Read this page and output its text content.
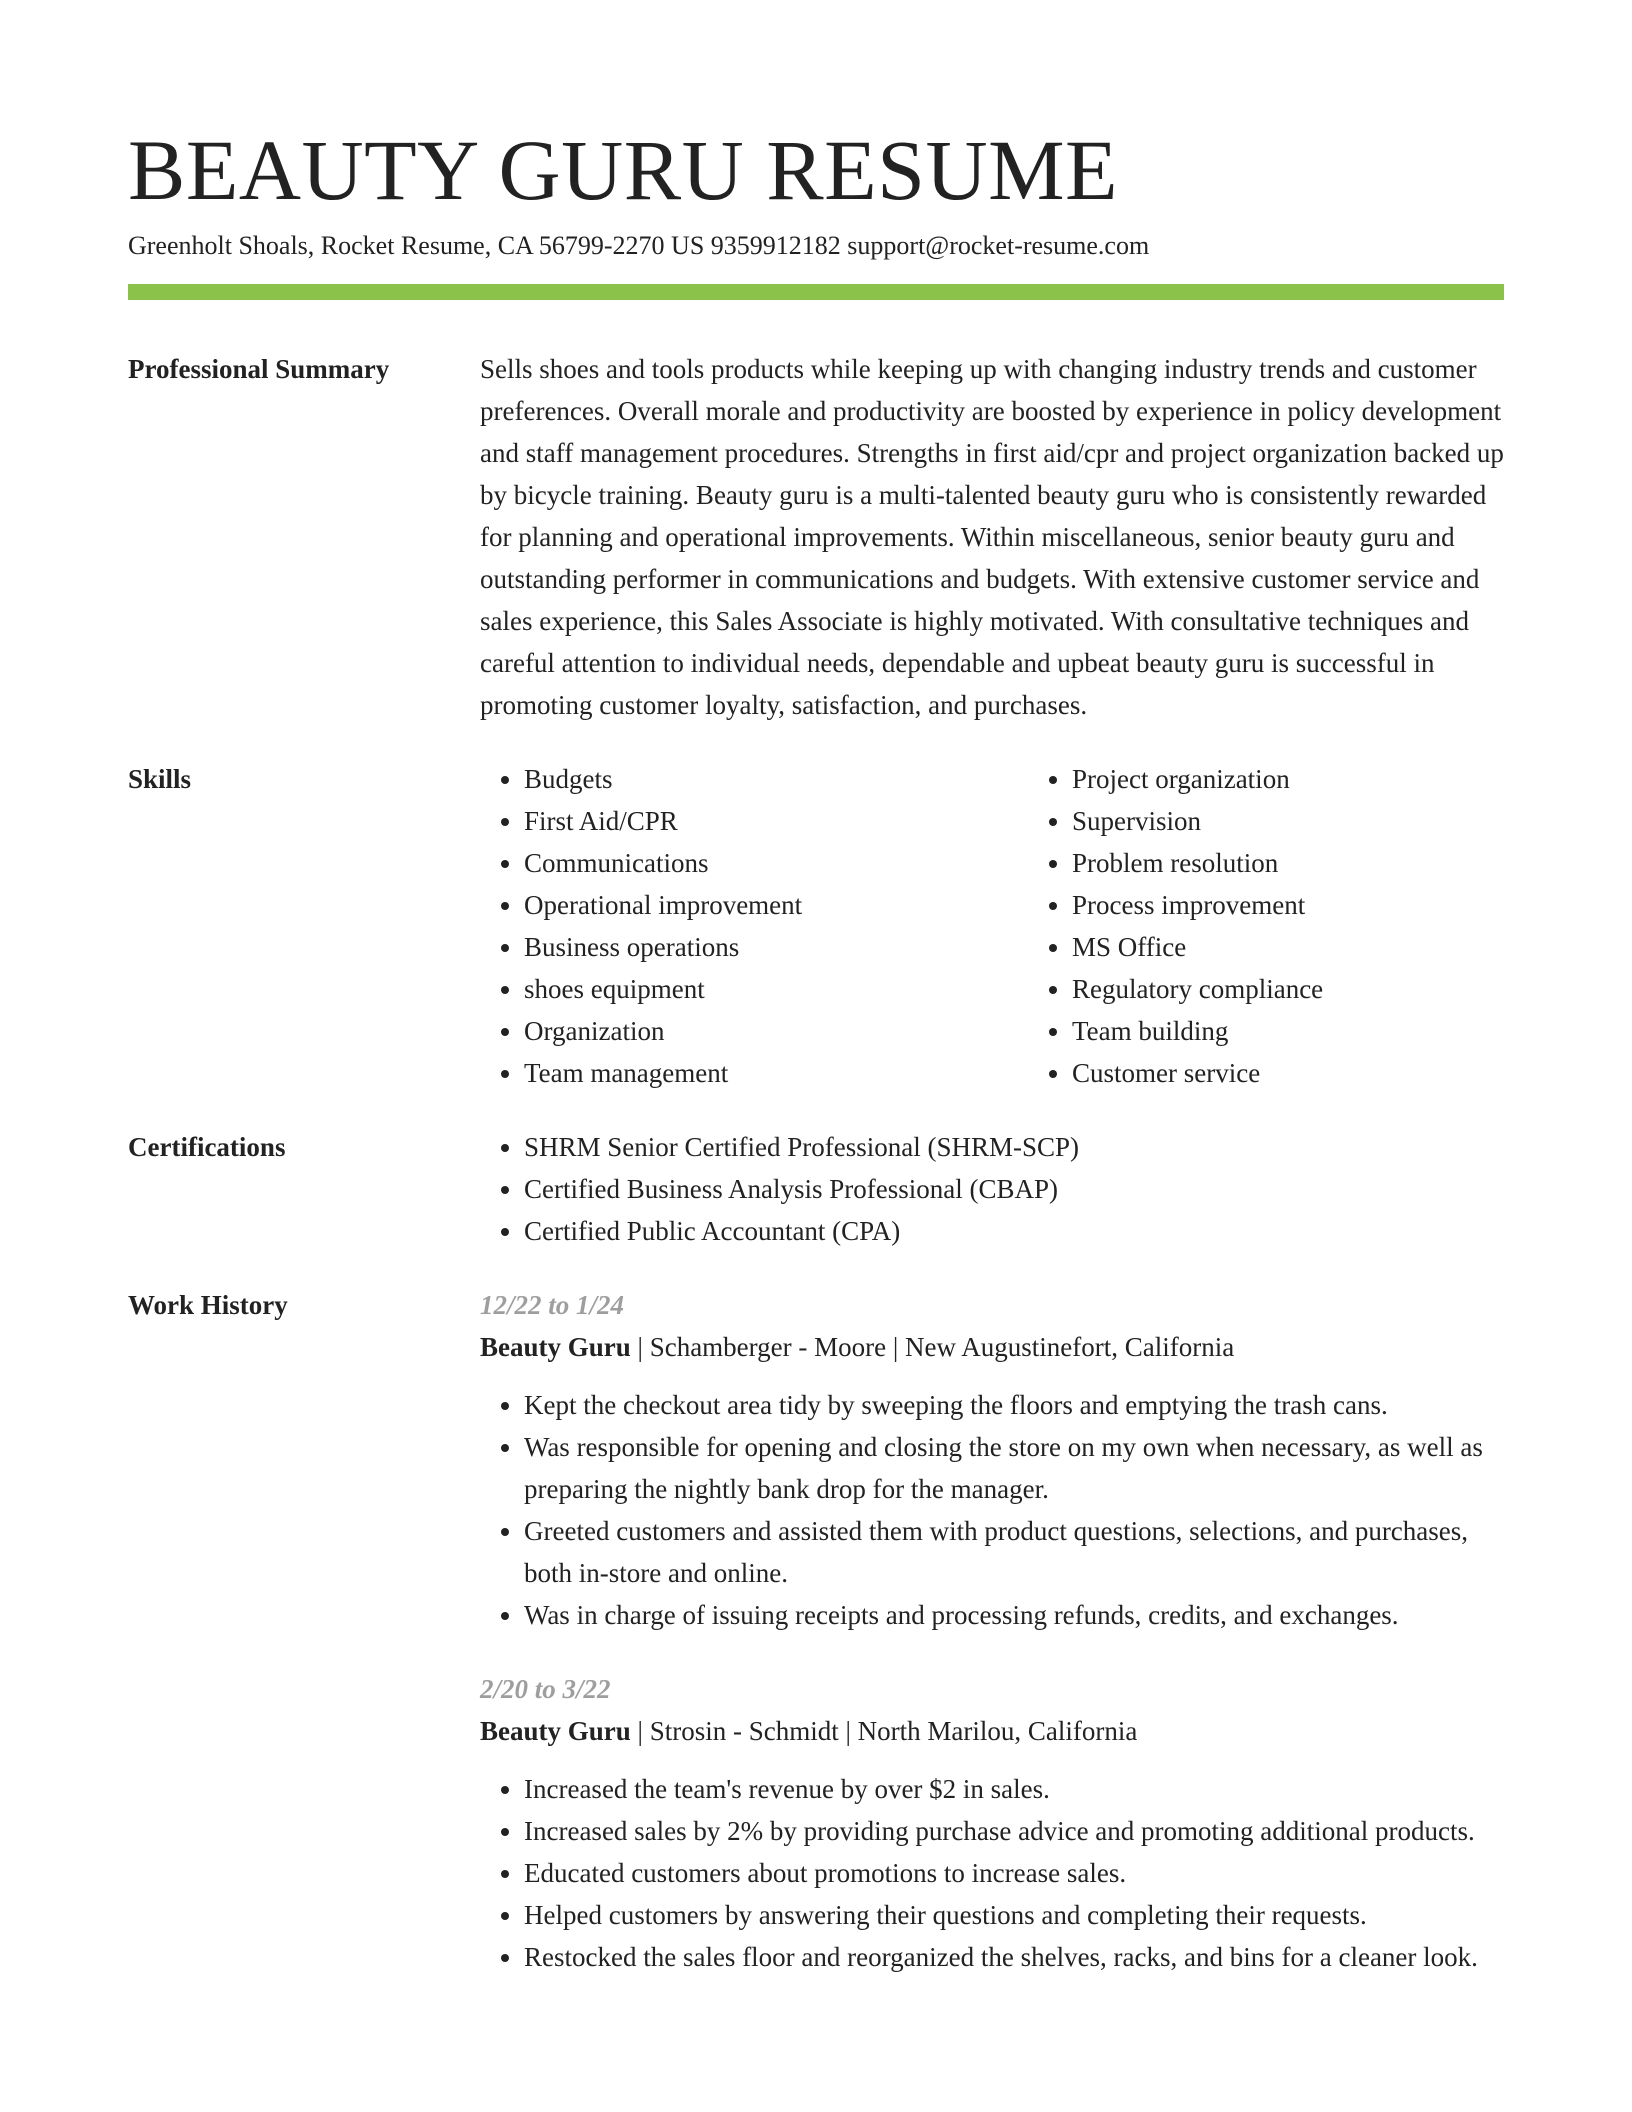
BEAUTY GURU RESUME
Greenholt Shoals, Rocket Resume, CA 56799-2270 US 9359912182 support@rocket-resume.com
Professional Summary	Sells shoes and tools products while keeping up with changing industry trends and customer preferences. Overall morale and productivity are boosted by experience in policy development and staff management procedures. Strengths in first aid/cpr and project organization backed up by bicycle training. Beauty guru is a multi-talented beauty guru who is consistently rewarded for planning and operational improvements. Within miscellaneous, senior beauty guru and outstanding performer in communications and budgets. With extensive customer service and sales experience, this Sales Associate is highly motivated. With consultative techniques and careful attention to individual needs, dependable and upbeat beauty guru is successful in promoting customer loyalty, satisfaction, and purchases.

Skills	• Budgets
• First Aid/CPR
• Communications
• Operational improvement
• Business operations
• shoes equipment
• Organization
• Team management
• Project organization
• Supervision
• Problem resolution
• Process improvement
• MS Office
• Regulatory compliance
• Team building
• Customer service
Certifications	• SHRM Senior Certified Professional (SHRM-SCP)
• Certified Business Analysis Professional (CBAP)
• Certified Public Accountant (CPA)
Work History	12/22 to 1/24
Beauty Guru | Schamberger - Moore | New Augustinefort, California
• Kept the checkout area tidy by sweeping the floors and emptying the trash cans.
• Was responsible for opening and closing the store on my own when necessary, as well as preparing the nightly bank drop for the manager.
• Greeted customers and assisted them with product questions, selections, and purchases, both in-store and online.
• Was in charge of issuing receipts and processing refunds, credits, and exchanges.
2/20 to 3/22
Beauty Guru | Strosin - Schmidt | North Marilou, California
• Increased the team's revenue by over $2 in sales.
• Increased sales by 2% by providing purchase advice and promoting additional products.
• Educated customers about promotions to increase sales.
• Helped customers by answering their questions and completing their requests.
• Restocked the sales floor and reorganized the shelves, racks, and bins for a cleaner look.
